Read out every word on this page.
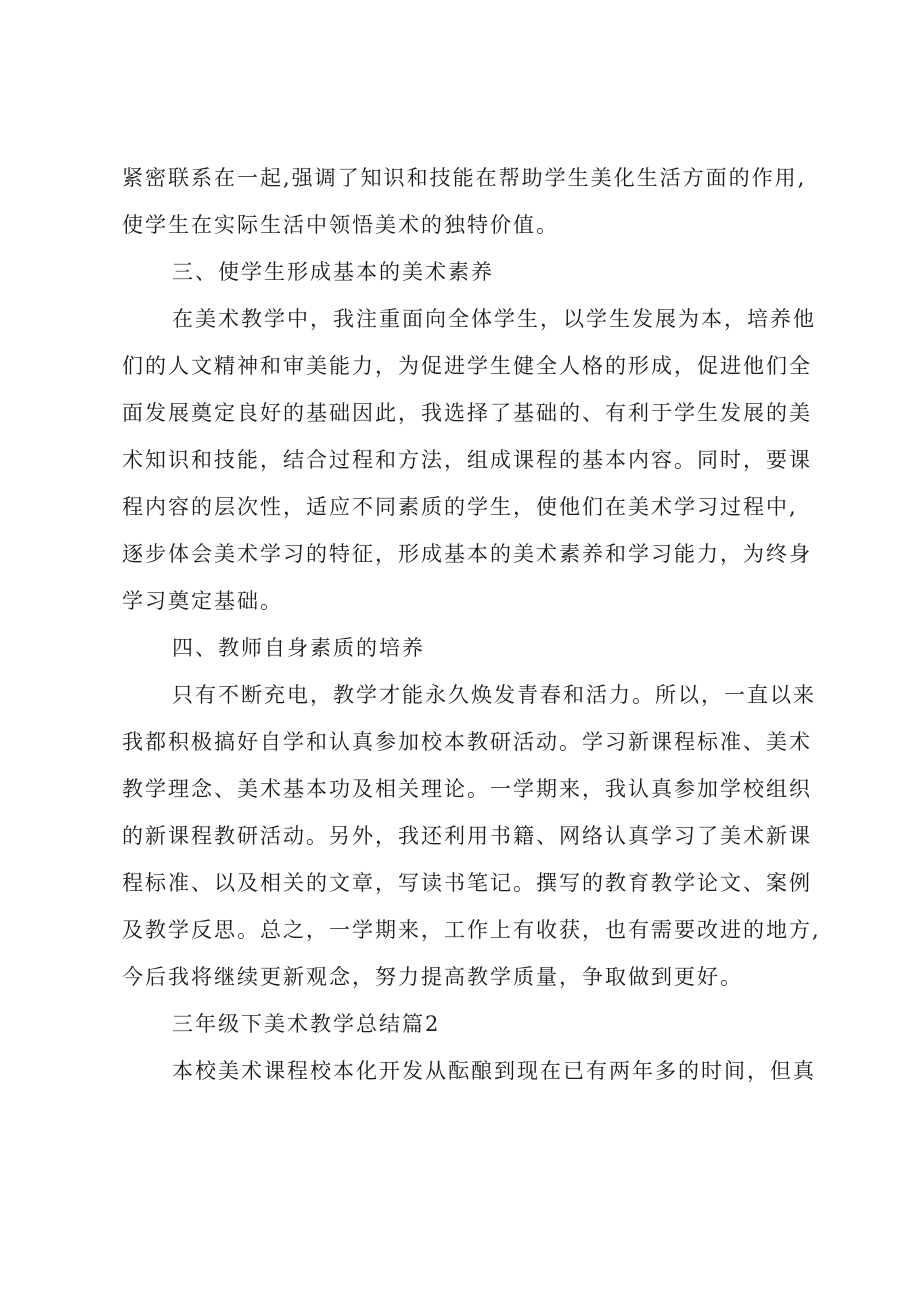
紧密联系在一起,强调了知识和技能在帮助学生美化生活方面的作用,
使学生在实际生活中领悟美术的独特价值。
三、使学生形成基本的美术素养
在美术教学中，我注重面向全体学生，以学生发展为本，培养他
们的人文精神和审美能力，为促进学生健全人格的形成，促进他们全
面发展奠定良好的基础因此，我选择了基础的、有利于学生发展的美
术知识和技能，结合过程和方法，组成课程的基本内容。同时，要课
程内容的层次性，适应不同素质的学生，使他们在美术学习过程中,
逐步体会美术学习的特征，形成基本的美术素养和学习能力，为终身
学习奠定基础。
四、教师自身素质的培养
只有不断充电，教学才能永久焕发青春和活力。所以，一直以来
我都积极搞好自学和认真参加校本教研活动。学习新课程标准、美术
教学理念、美术基本功及相关理论。一学期来，我认真参加学校组织
的新课程教研活动。另外，我还利用书籍、网络认真学习了美术新课
程标准、以及相关的文章，写读书笔记。撰写的教育教学论文、案例
及教学反思。总之，一学期来，工作上有收获，也有需要改进的地方,
今后我将继续更新观念，努力提高教学质量，争取做到更好。
三年级下美术教学总结篇2
本校美术课程校本化开发从酝酿到现在已有两年多的时间，但真
